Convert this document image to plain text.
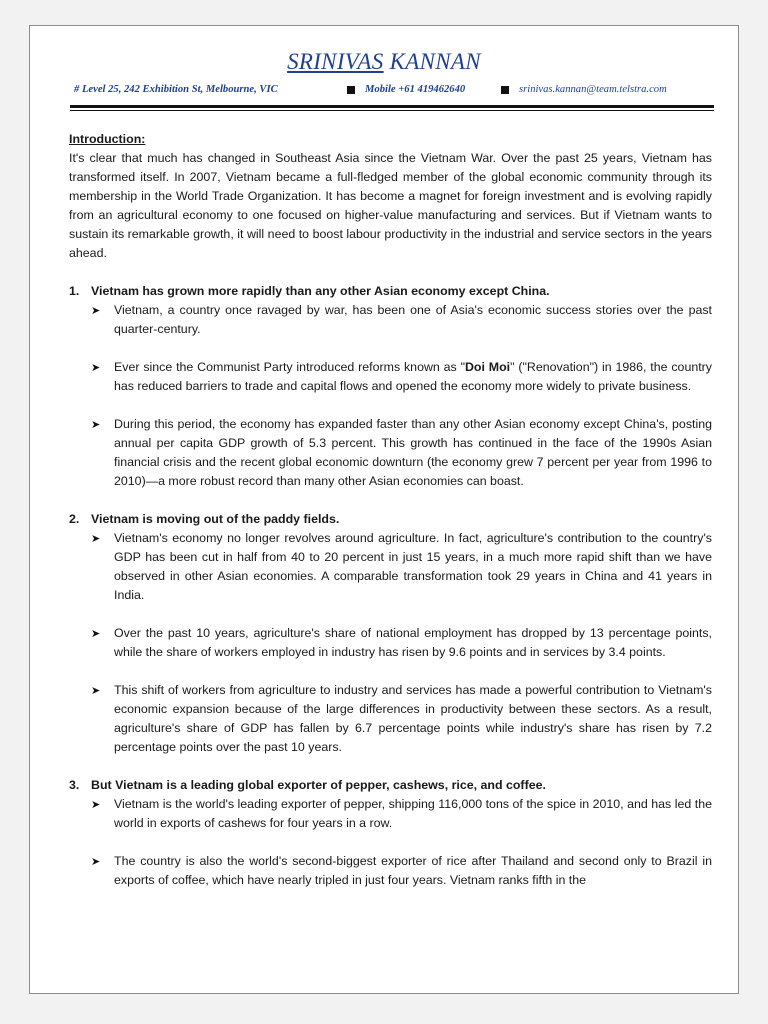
SRINIVAS KANNAN
# Level 25, 242 Exhibition St, Melbourne, VIC	Mobile +61 419462640	srinivas.kannan@team.telstra.com

Introduction:

It's clear that much has changed in Southeast Asia since the Vietnam War. Over the past 25 years, Vietnam has transformed itself. In 2007, Vietnam became a full-fledged member of the global economic community through its membership in the World Trade Organization. It has become a magnet for foreign investment and is evolving rapidly from an agricultural economy to one focused on higher-value manufacturing and services. But if Vietnam wants to sustain its remarkable growth, it will need to boost labour productivity in the industrial and service sectors in the years ahead.

1. Vietnam has grown more rapidly than any other Asian economy except China.
➤	Vietnam, a country once ravaged by war, has been one of Asia's economic success stories over the past quarter-century.
➤	Ever since the Communist Party introduced reforms known as "Doi Moi" ("Renovation") in 1986, the country has reduced barriers to trade and capital flows and opened the economy more widely to private business.
➤	During this period, the economy has expanded faster than any other Asian economy except China's, posting annual per capita GDP growth of 5.3 percent. This growth has continued in the face of the 1990s Asian financial crisis and the recent global economic downturn (the economy grew 7 percent per year from 1996 to 2010)—a more robust record than many other Asian economies can boast.
2. Vietnam is moving out of the paddy fields.
➤	Vietnam's economy no longer revolves around agriculture. In fact, agriculture's contribution to the country's GDP has been cut in half from 40 to 20 percent in just 15 years, in a much more rapid shift than we have observed in other Asian economies. A comparable transformation took 29 years in China and 41 years in India.
➤	Over the past 10 years, agriculture's share of national employment has dropped by 13 percentage points, while the share of workers employed in industry has risen by 9.6 points and in services by 3.4 points.
➤	This shift of workers from agriculture to industry and services has made a powerful contribution to Vietnam's economic expansion because of the large differences in productivity between these sectors. As a result, agriculture's share of GDP has fallen by 6.7 percentage points while industry's share has risen by 7.2 percentage points over the past 10 years.
3. But Vietnam is a leading global exporter of pepper, cashews, rice, and coffee.
➤	Vietnam is the world's leading exporter of pepper, shipping 116,000 tons of the spice in 2010, and has led the world in exports of cashews for four years in a row.
➤	The country is also the world's second-biggest exporter of rice after Thailand and second only to Brazil in exports of coffee, which have nearly tripled in just four years. Vietnam ranks fifth in the
